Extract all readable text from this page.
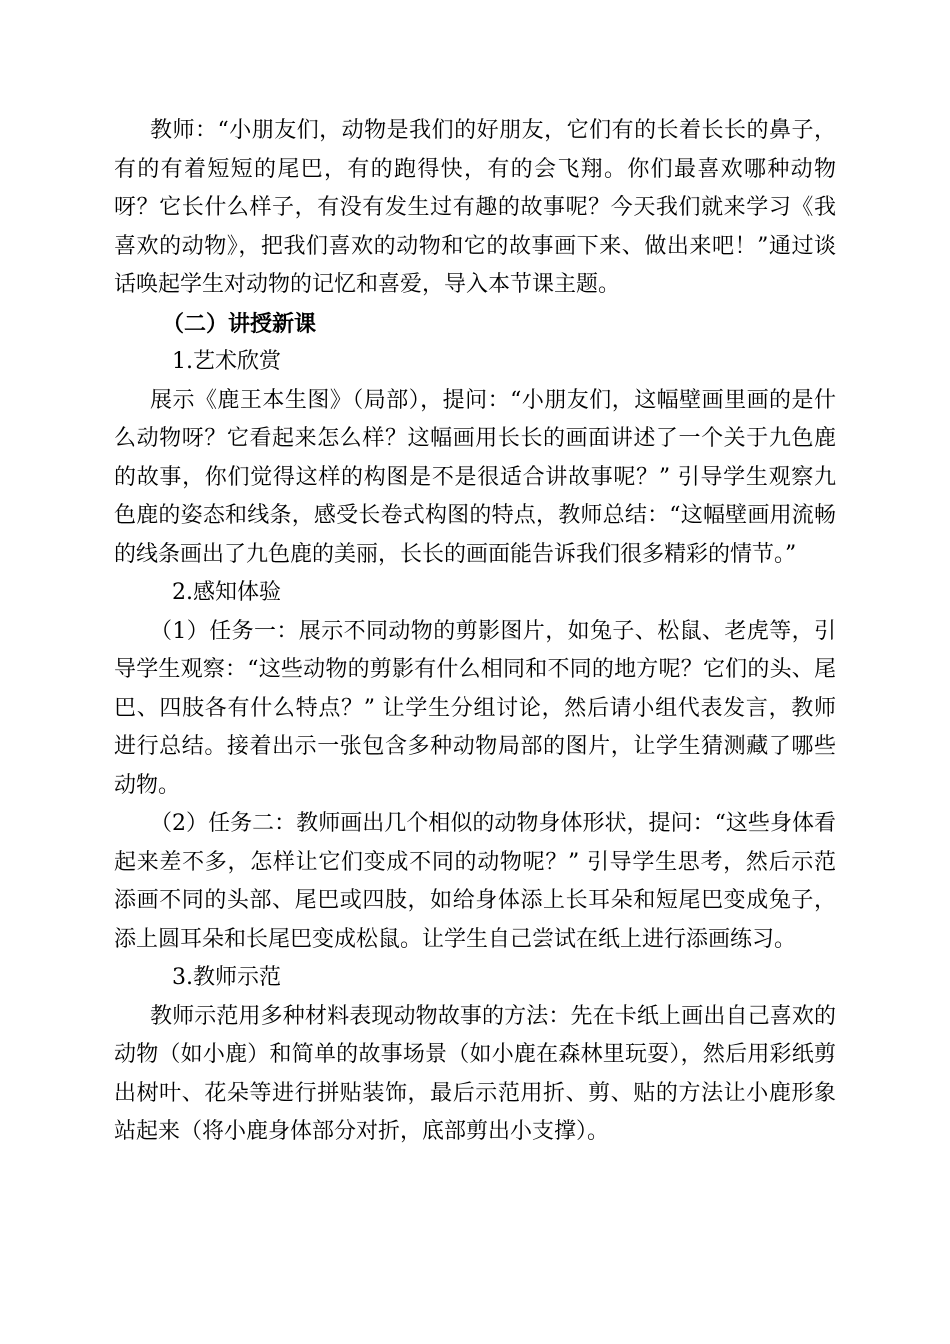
教师：“小朋友们，动物是我们的好朋友，它们有的长着长长的鼻子，有的有着短短的尾巴，有的跑得快，有的会飞翔。你们最喜欢哪种动物呀？它长什么样子，有没有发生过有趣的故事呢？今天我们就来学习《我喜欢的动物》，把我们喜欢的动物和它的故事画下来、做出来吧！”通过谈话唤起学生对动物的记忆和喜爱，导入本节课主题。

（二）讲授新课

1.艺术欣赏

展示《鹿王本生图》（局部），提问：“小朋友们，这幅壁画里画的是什么动物呀？它看起来怎么样？这幅画用长长的画面讲述了一个关于九色鹿的故事，你们觉得这样的构图是不是很适合讲故事呢？” 引导学生观察九色鹿的姿态和线条，感受长卷式构图的特点，教师总结：“这幅壁画用流畅的线条画出了九色鹿的美丽，长长的画面能告诉我们很多精彩的情节。”

2.感知体验

（1）任务一：展示不同动物的剪影图片，如兔子、松鼠、老虎等，引导学生观察：“这些动物的剪影有什么相同和不同的地方呢？它们的头、尾巴、四肢各有什么特点？” 让学生分组讨论，然后请小组代表发言，教师进行总结。接着出示一张包含多种动物局部的图片，让学生猜测藏了哪些动物。

（2）任务二：教师画出几个相似的动物身体形状，提问：“这些身体看起来差不多，怎样让它们变成不同的动物呢？” 引导学生思考，然后示范添画不同的头部、尾巴或四肢，如给身体添上长耳朵和短尾巴变成兔子，添上圆耳朵和长尾巴变成松鼠。让学生自己尝试在纸上进行添画练习。

3.教师示范

教师示范用多种材料表现动物故事的方法：先在卡纸上画出自己喜欢的动物（如小鹿）和简单的故事场景（如小鹿在森林里玩耍），然后用彩纸剪出树叶、花朵等进行拼贴装饰，最后示范用折、剪、贴的方法让小鹿形象站起来（将小鹿身体部分对折，底部剪出小支撑）。
